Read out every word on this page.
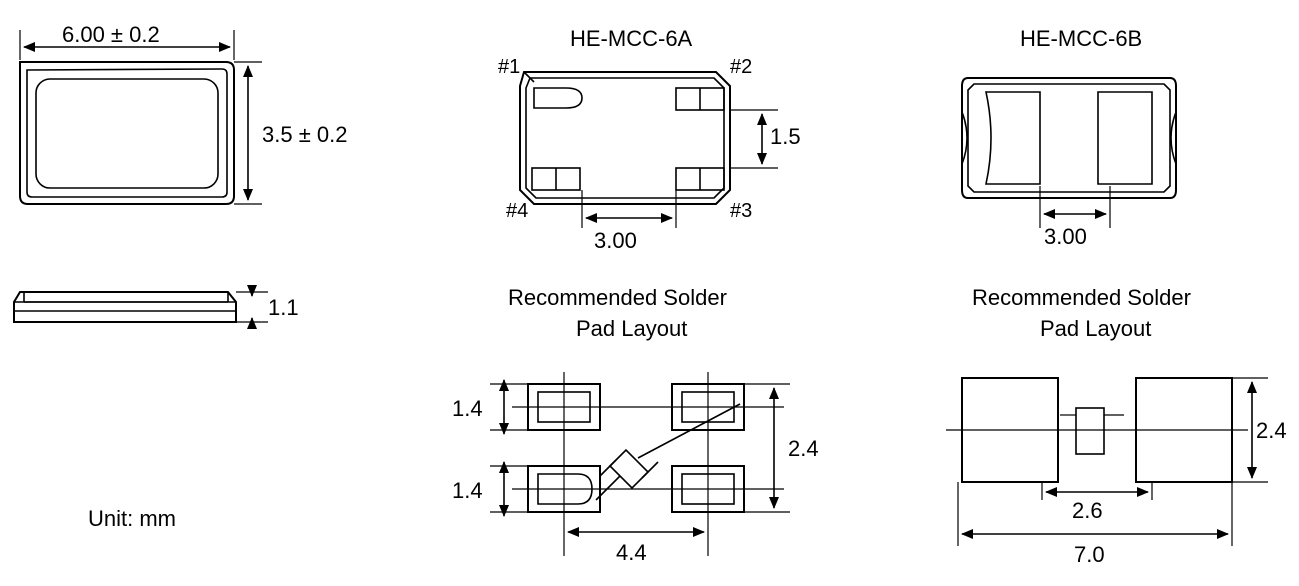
6.00 ± 0.2
3.5 ± 0.2
1.1
Unit: mm
HE-MCC-6A
#1	#2
#3
#4
1.5
3.00
HE-MCC-6B
3.00
Recommended Solder
Pad Layout
1.4
1.4
2.4
4.4
Recommended Solder
Pad Layout
2.4
2.6
7.0
